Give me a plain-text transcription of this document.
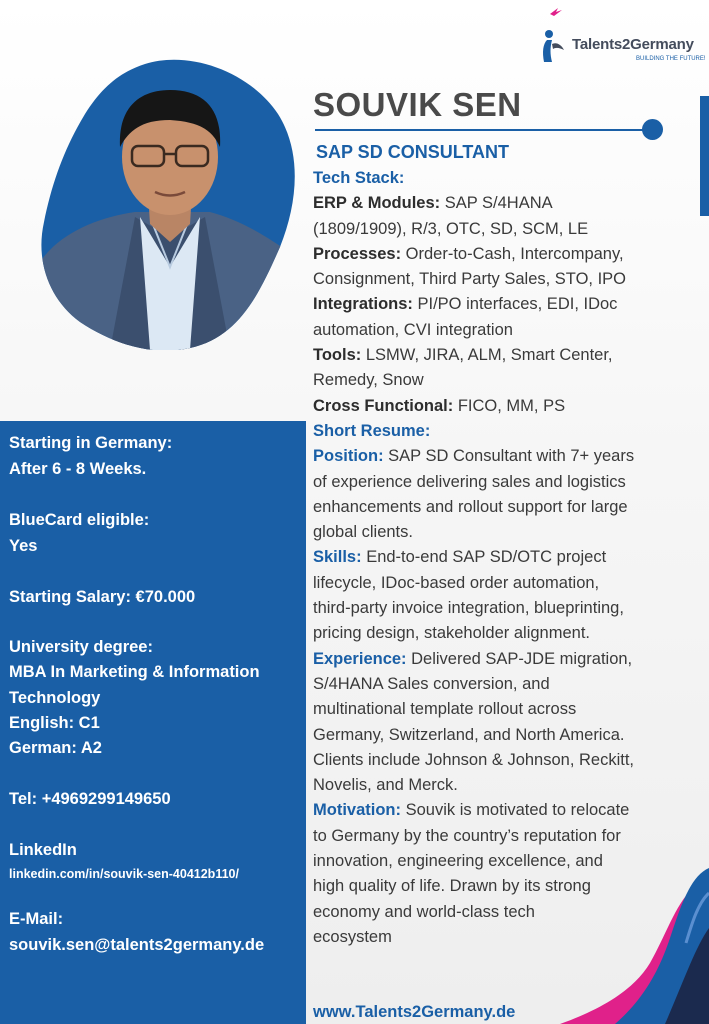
Talents2Germany
BUILDING THE FUTURE!
SOUVIK SEN
SAP SD CONSULTANT
Tech Stack:
ERP & Modules: SAP S/4HANA
(1809/1909), R/3, OTC, SD, SCM, LE
Processes: Order-to-Cash, Intercompany,
Consignment, Third Party Sales, STO, IPO
Integrations: PI/PO interfaces, EDI, IDoc
automation, CVI integration
Tools: LSMW, JIRA, ALM, Smart Center,
Remedy, Snow
Cross Functional: FICO, MM, PS
Short Resume:
Position: SAP SD Consultant with 7+ years
of experience delivering sales and logistics
enhancements and rollout support for large
global clients.
Skills: End-to-end SAP SD/OTC project
lifecycle, IDoc-based order automation,
third-party invoice integration, blueprinting,
pricing design, stakeholder alignment.
Experience: Delivered SAP-JDE migration,
S/4HANA Sales conversion, and
multinational template rollout across
Germany, Switzerland, and North America.
Clients include Johnson & Johnson, Reckitt,
Novelis, and Merck.
Motivation: Souvik is motivated to relocate
to Germany by the country’s reputation for
innovation, engineering excellence, and
high quality of life. Drawn by its strong
economy and world-class tech
ecosystem
Starting in Germany:
After 6 - 8 Weeks.
BlueCard eligible:
Yes
Starting Salary: €70.000
University degree:
MBA In Marketing & Information
Technology
English: C1
German: A2
Tel: +4969299149650
LinkedIn
linkedin.com/in/souvik-sen-40412b110/
E-Mail:
souvik.sen@talents2germany.de
www.Talents2Germany.de
